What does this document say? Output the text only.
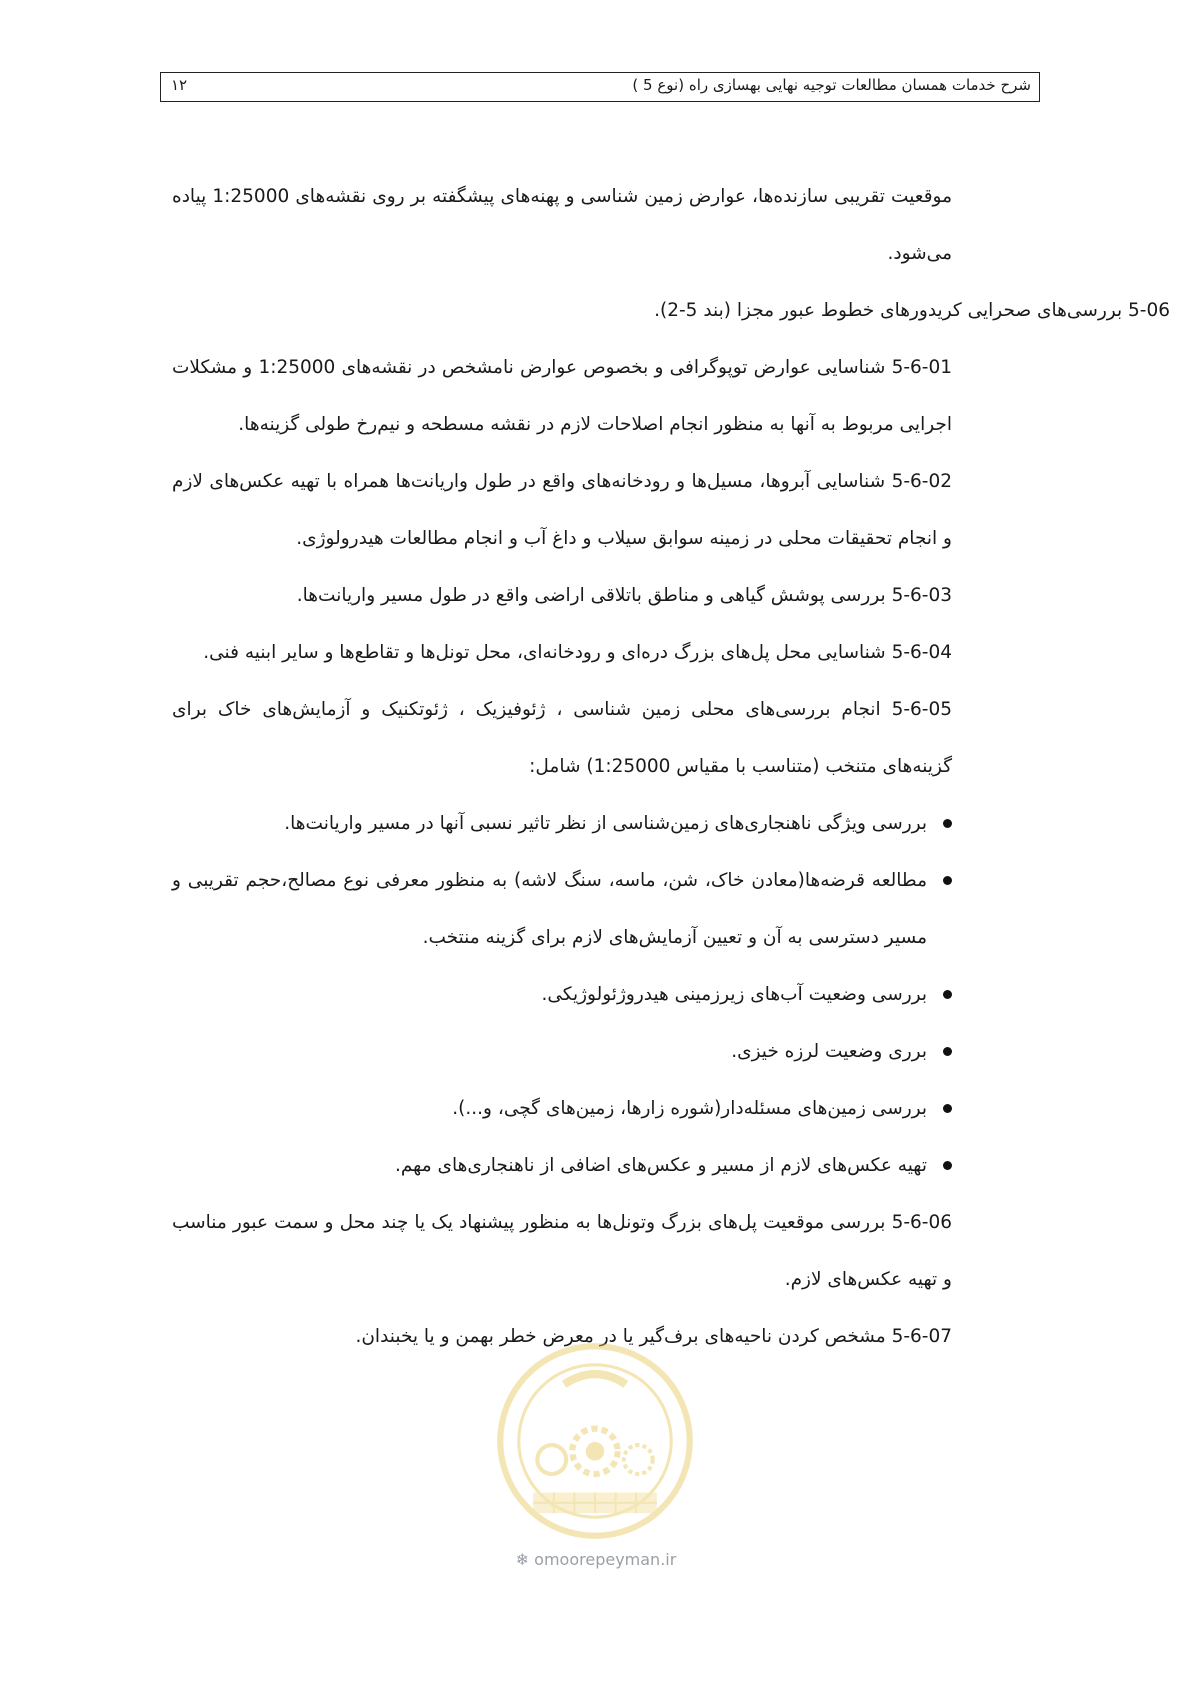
شرح خدمات همسان مطالعات توجیه نهایی بهسازی راه (نوع 5 )
١٢

موقعیت تقریبی سازنده‌ها، عوارض زمین شناسی و پهنه‌های پیشگفته بر روی نقشه‌های 1:25000 پیاده می‌شود.

5-06 بررسی‌های صحرایی کریدورهای خطوط عبور مجزا (بند 5-2).

5-6-01 شناسایی عوارض توپوگرافی و بخصوص عوارض نامشخص در نقشه‌های 1:25000 و مشکلات اجرایی مربوط به آنها به منظور انجام اصلاحات لازم در نقشه مسطحه و نیم‌رخ طولی گزینه‌ها.

5-6-02 شناسایی آبروها، مسیل‌ها و رودخانه‌های واقع در طول واریانت‌ها همراه با تهیه عکس‌های لازم و انجام تحقیقات محلی در زمینه سوابق سیلاب و داغ آب و انجام مطالعات هیدرولوژی.

5-6-03 بررسی پوشش گیاهی و مناطق باتلاقی اراضی واقع در طول مسیر واریانت‌ها.

5-6-04 شناسایی محل پل‌های بزرگ دره‌ای و رودخانه‌ای، محل تونل‌ها و تقاطع‌ها و سایر ابنیه فنی.

5-6-05 انجام بررسی‌های محلی زمین شناسی ، ژئوفیزیک ، ژئوتکنیک و آزمایش‌های خاک برای گزینه‌های متنخب (متناسب با مقیاس 1:25000) شامل:

بررسی ویژگی ناهنجاری‌های زمین‌شناسی از نظر تاثیر نسبی آنها در مسیر واریانت‌ها.
مطالعه قرضه‌ها(معادن خاک، شن، ماسه، سنگ لاشه) به منظور معرفی نوع مصالح،حجم تقریبی و مسیر دسترسی به آن و تعیین آزمایش‌های لازم برای گزینه منتخب.
بررسی وضعیت آب‌های زیرزمینی هیدروژئولوژیکی.
برری وضعیت لرزه خیزی.
بررسی زمین‌های مسئله‌دار(شوره زارها، زمین‌های گچی، و...).
تهیه عکس‌های لازم از مسیر و عکس‌های اضافی از ناهنجاری‌های مهم.

5-6-06 بررسی موقعیت پل‌های بزرگ وتونل‌ها به منظور پیشنهاد یک یا چند محل و سمت عبور مناسب و تهیه عکس‌های لازم.

5-6-07 مشخص کردن ناحیه‌های برف‌گیر یا در معرض خطر بهمن و یا یخبندان.

❄ omoorepeyman.ir
